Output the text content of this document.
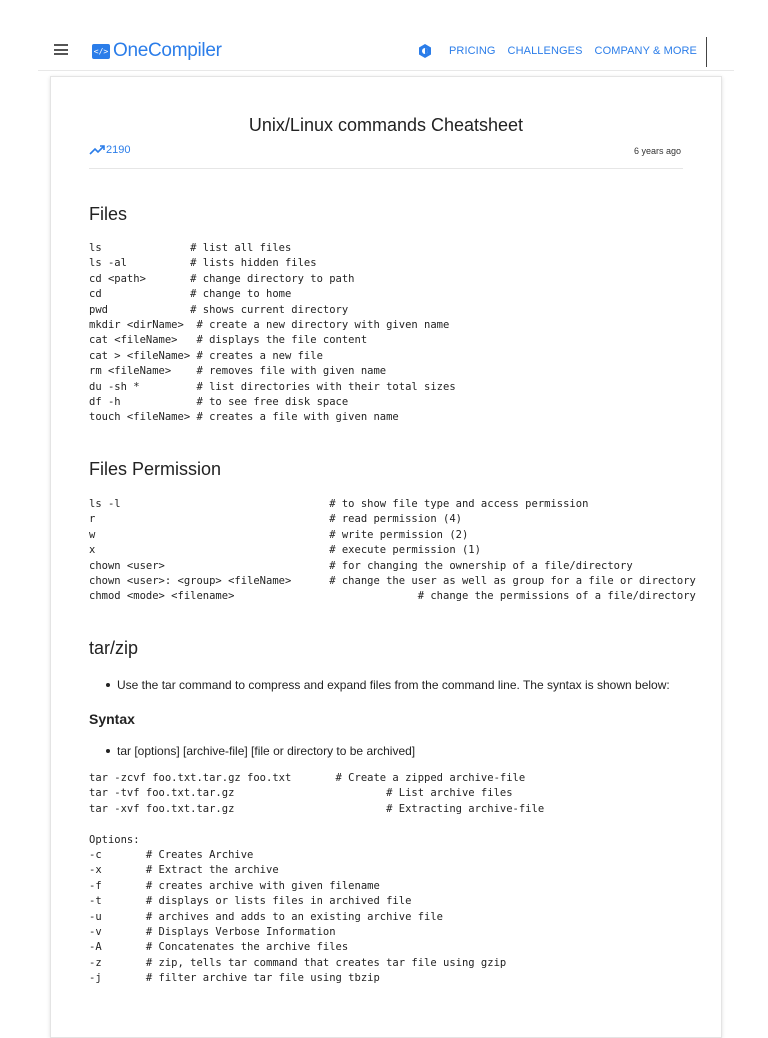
</> OneCompiler	PRICING CHALLENGES COMPANY & MORE
Unix/Linux commands Cheatsheet
2190	6 years ago
Files
ls              # list all files
ls -al          # lists hidden files
cd <path>       # change directory to path
cd              # change to home
pwd             # shows current directory
mkdir <dirName>  # create a new directory with given name
cat <fileName>   # displays the file content
cat > <fileName> # creates a new file
rm <fileName>    # removes file with given name
du -sh *         # list directories with their total sizes
df -h            # to see free disk space
touch <fileName> # creates a file with given name
Files Permission
ls -l                                 # to show file type and access permission
r                                     # read permission (4)
w                                     # write permission (2)
x                                     # execute permission (1)
chown <user>                          # for changing the ownership of a file/directory
chown <user>: <group> <fileName>      # change the user as well as group for a file or directory
chmod <mode> <filename>                             # change the permissions of a file/directory
tar/zip
Use the tar command to compress and expand files from the command line. The syntax is shown below:
Syntax
tar [options] [archive-file] [file or directory to be archived]
tar -zcvf foo.txt.tar.gz foo.txt       # Create a zipped archive-file
tar -tvf foo.txt.tar.gz                        # List archive files
tar -xvf foo.txt.tar.gz                        # Extracting archive-file

Options:
-c       # Creates Archive
-x       # Extract the archive
-f       # creates archive with given filename
-t       # displays or lists files in archived file
-u       # archives and adds to an existing archive file
-v       # Displays Verbose Information
-A       # Concatenates the archive files
-z       # zip, tells tar command that creates tar file using gzip
-j       # filter archive tar file using tbzip
